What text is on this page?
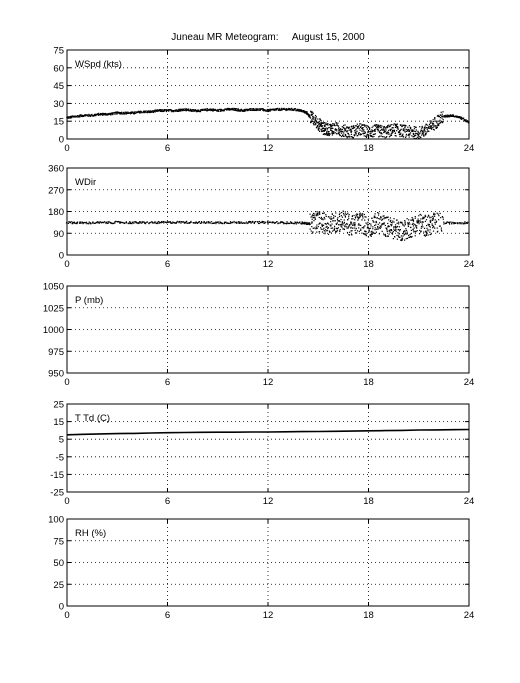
Juneau MR Meteogram:     August 15, 2000
0	6	12	18	24
0
15
30
45
60
75
WSpd (kts)
0	6	12	18	24
0
90
180
270
360
WDir
0	6	12	18	24
950
975
1000
1025
1050
P (mb)
0	6	12	18	24
-25
-15
-5
5
15
25
T Td (C)
0	6	12	18	24
0
25
50
75
100
RH (%)
